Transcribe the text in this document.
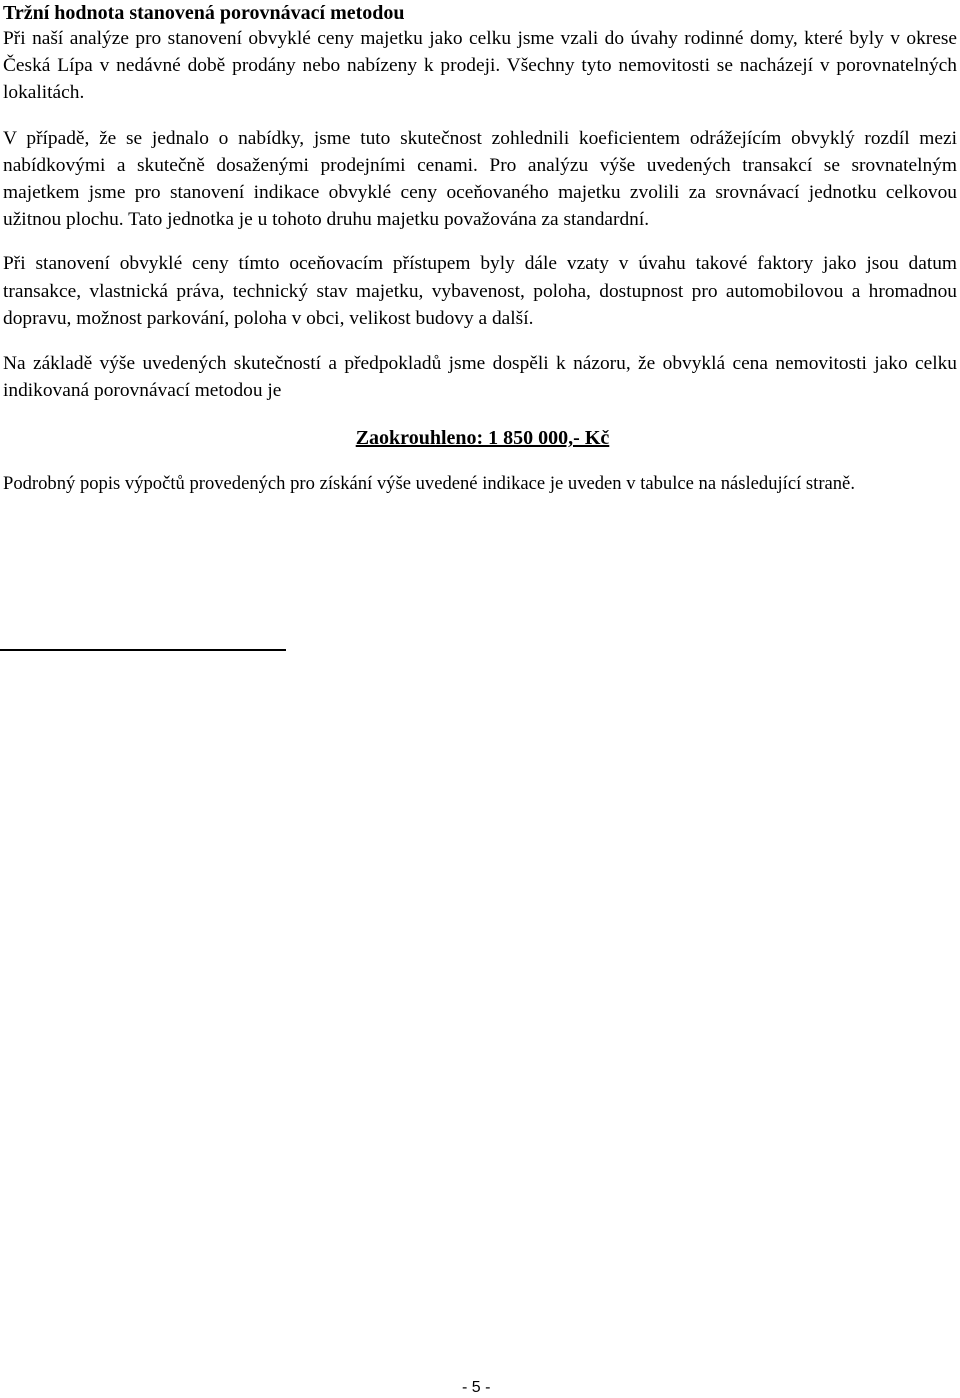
Tržní hodnota stanovená porovnávací metodou

Při naší analýze pro stanovení obvyklé ceny majetku jako celku jsme vzali do úvahy rodinné domy, které byly v okrese Česká Lípa v nedávné době prodány nebo nabízeny k prodeji. Všechny tyto nemovitosti se nacházejí v porovnatelných lokalitách.

V případě, že se jednalo o nabídky, jsme tuto skutečnost zohlednili koeficientem odrážejícím obvyklý rozdíl mezi nabídkovými a skutečně dosaženými prodejními cenami. Pro analýzu výše uvedených transakcí se srovnatelným majetkem jsme pro stanovení indikace obvyklé ceny oceňovaného majetku zvolili za srovnávací jednotku celkovou užitnou plochu. Tato jednotka je u tohoto druhu majetku považována za standardní.

Při stanovení obvyklé ceny tímto oceňovacím přístupem byly dále vzaty v úvahu takové faktory jako jsou datum transakce, vlastnická práva, technický stav majetku, vybavenost, poloha, dostupnost pro automobilovou a hromadnou dopravu, možnost parkování, poloha v obci, velikost budovy a další.

Na základě výše uvedených skutečností a předpokladů jsme dospěli k názoru, že obvyklá cena nemovitosti jako celku indikovaná porovnávací metodou je

Zaokrouhleno: 1 850 000,- Kč

Podrobný popis výpočtů provedených pro získání výše uvedené indikace je uveden v tabulce na následující straně.

- 5 -
